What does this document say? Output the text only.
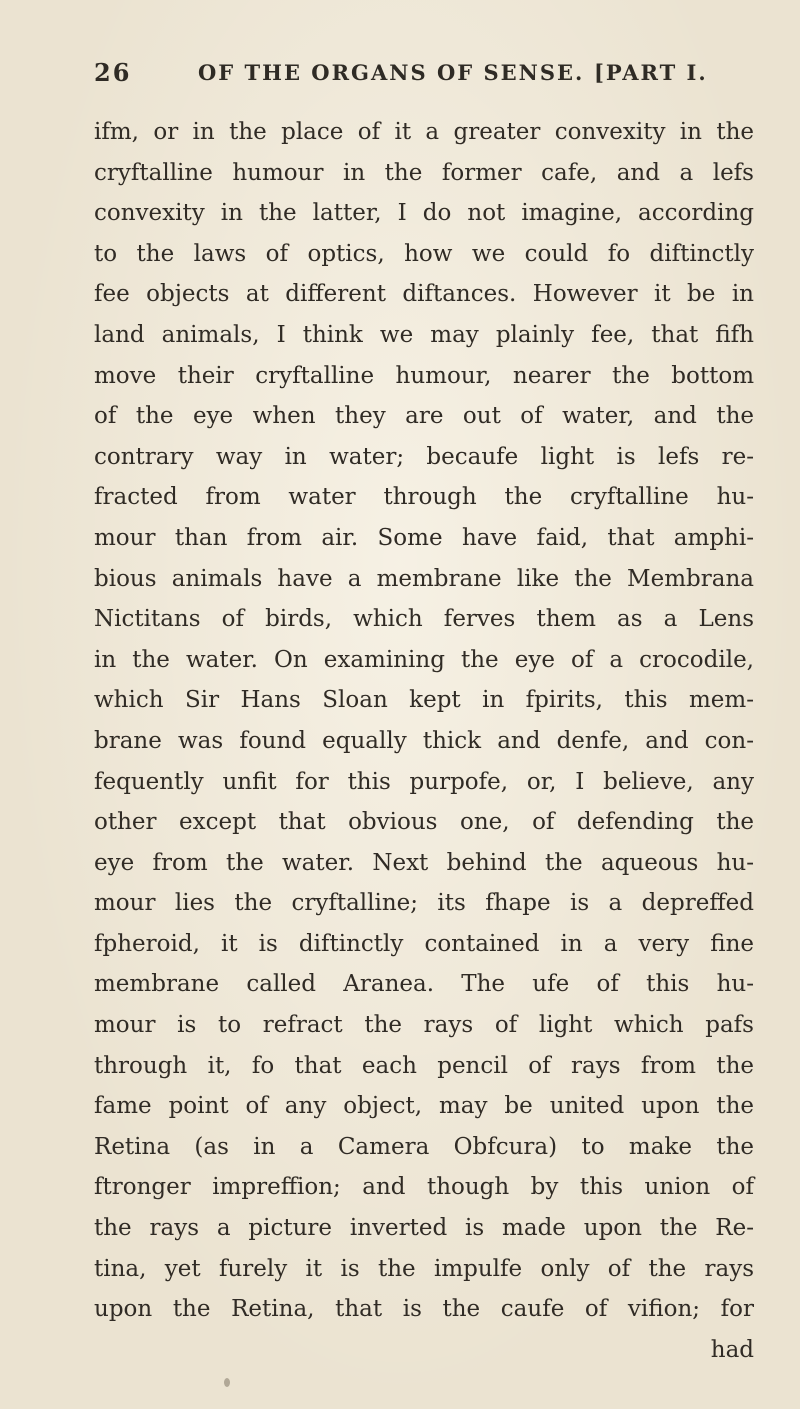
26	OF THE ORGANS OF SENSE. [PART I.
ifm, or in the place of it a greater convexity in the
cryftalline humour in the former cafe, and a lefs
convexity in the latter, I do not imagine, according
to the laws of optics, how we could fo diftinctly
fee objects at different diftances. However it be in
land animals, I think we may plainly fee, that fifh
move their cryftalline humour, nearer the bottom
of the eye when they are out of water, and the
contrary way in water; becaufe light is lefs re-
fracted from water through the cryftalline hu-
mour than from air. Some have faid, that amphi-
bious animals have a membrane like the Membrana
Nictitans of birds, which ferves them as a Lens
in the water. On examining the eye of a crocodile,
which Sir Hans Sloan kept in fpirits, this mem-
brane was found equally thick and denfe, and con-
fequently unfit for this purpofe, or, I believe, any
other except that obvious one, of defending the
eye from the water. Next behind the aqueous hu-
mour lies the cryftalline; its fhape is a depreffed
fpheroid, it is diftinctly contained in a very fine
membrane called Aranea. The ufe of this hu-
mour is to refract the rays of light which pafs
through it, fo that each pencil of rays from the
fame point of any object, may be united upon the
Retina (as in a Camera Obfcura) to make the
ftronger impreffion; and though by this union of
the rays a picture inverted is made upon the Re-
tina, yet furely it is the impulfe only of the rays
upon the Retina, that is the caufe of vifion; for
had
